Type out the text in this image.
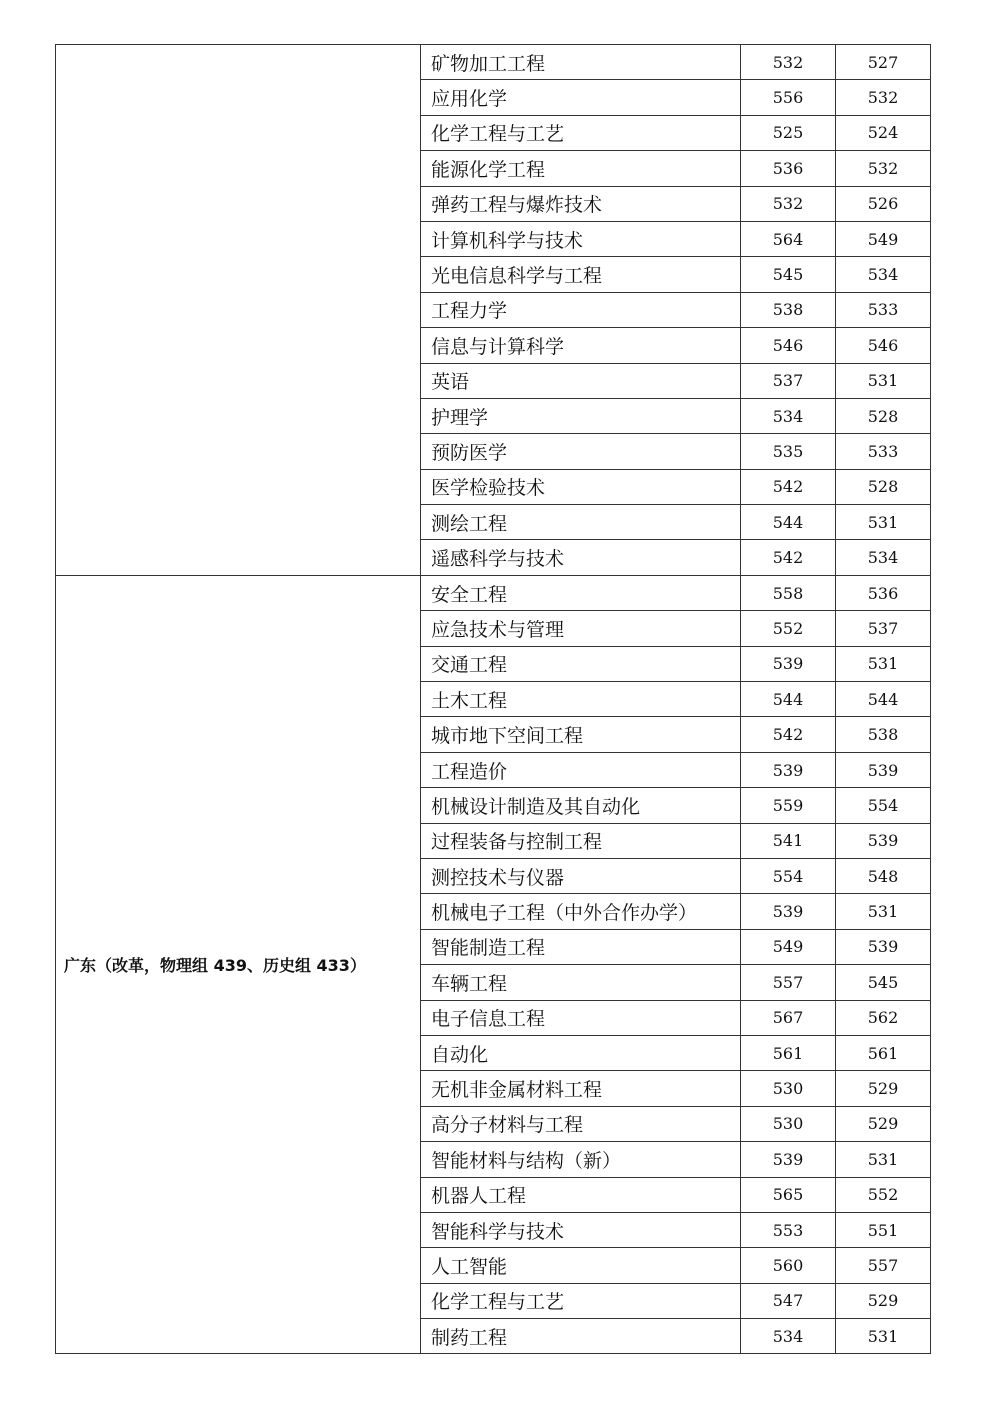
	矿物加工工程	532	527
	应用化学	556	532
	化学工程与工艺	525	524
	能源化学工程	536	532
	弹药工程与爆炸技术	532	526
	计算机科学与技术	564	549
	光电信息科学与工程	545	534
	工程力学	538	533
	信息与计算科学	546	546
	英语	537	531
	护理学	534	528
	预防医学	535	533
	医学检验技术	542	528
	测绘工程	544	531
	遥感科学与技术	542	534
广东（改革，物理组 439、历史组 433）	安全工程	558	536
	应急技术与管理	552	537
	交通工程	539	531
	土木工程	544	544
	城市地下空间工程	542	538
	工程造价	539	539
	机械设计制造及其自动化	559	554
	过程装备与控制工程	541	539
	测控技术与仪器	554	548
	机械电子工程（中外合作办学）	539	531
	智能制造工程	549	539
	车辆工程	557	545
	电子信息工程	567	562
	自动化	561	561
	无机非金属材料工程	530	529
	高分子材料与工程	530	529
	智能材料与结构（新）	539	531
	机器人工程	565	552
	智能科学与技术	553	551
	人工智能	560	557
	化学工程与工艺	547	529
	制药工程	534	531
